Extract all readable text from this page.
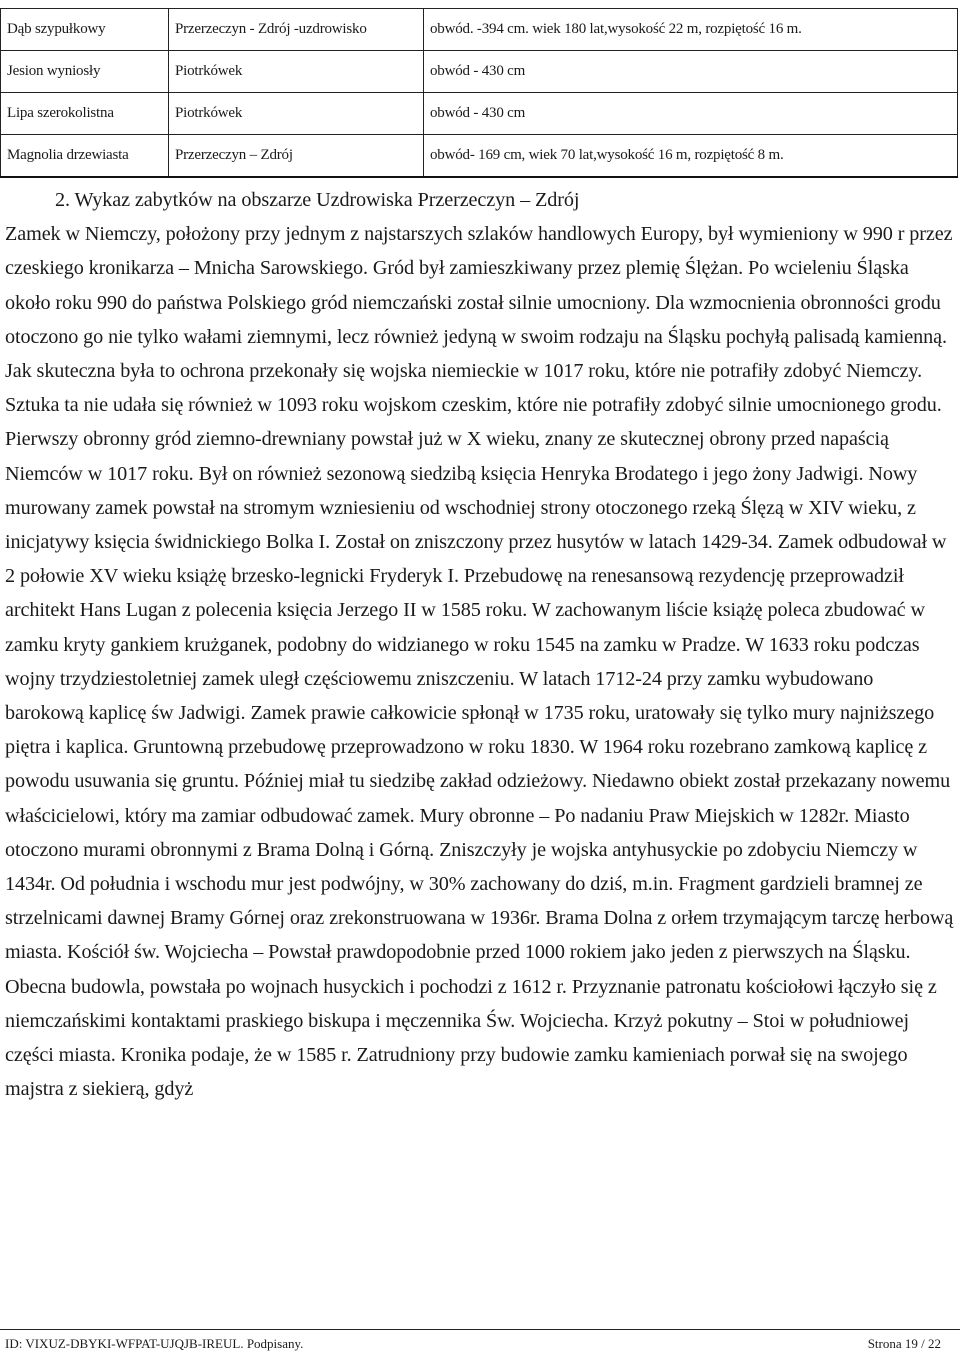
Dąb szypułkowy	Przerzeczyn - Zdrój -uzdrowisko	obwód. -394 cm. wiek 180 lat,wysokość 22 m, rozpiętość 16 m.
Jesion wyniosły	Piotrkówek	obwód - 430 cm
Lipa szerokolistna	Piotrkówek	obwód - 430 cm
Magnolia drzewiasta	Przerzeczyn – Zdrój	obwód- 169 cm, wiek 70 lat,wysokość 16 m, rozpiętość 8 m.

2. Wykaz zabytków na obszarze Uzdrowiska Przerzeczyn – Zdrój

Zamek w Niemczy, położony przy jednym z najstarszych szlaków handlowych Europy, był wymieniony w 990 r przez czeskiego kronikarza – Mnicha Sarowskiego. Gród był zamieszkiwany przez plemię Ślężan. Po wcieleniu Śląska około roku 990 do państwa Polskiego gród niemczański został silnie umocniony. Dla wzmocnienia obronności grodu otoczono go nie tylko wałami ziemnymi, lecz również jedyną w swoim rodzaju na Śląsku pochyłą palisadą kamienną. Jak skuteczna była to ochrona przekonały się wojska niemieckie w 1017 roku, które nie potrafiły zdobyć Niemczy. Sztuka ta nie udała się również w 1093 roku wojskom czeskim, które nie potrafiły zdobyć silnie umocnionego grodu. Pierwszy obronny gród ziemno-drewniany powstał już w X wieku, znany ze skutecznej obrony przed napaścią Niemców w 1017 roku. Był on również sezonową siedzibą księcia Henryka Brodatego i jego żony Jadwigi. Nowy murowany zamek powstał na stromym wzniesieniu od wschodniej strony otoczonego rzeką Ślęzą w XIV wieku, z inicjatywy księcia świdnickiego Bolka I. Został on zniszczony przez husytów w latach 1429-34. Zamek odbudował w 2 połowie XV wieku książę brzesko-legnicki Fryderyk I. Przebudowę na renesansową rezydencję przeprowadził architekt Hans Lugan z polecenia księcia Jerzego II w 1585 roku. W zachowanym liście książę poleca zbudować w zamku kryty gankiem krużganek, podobny do widzianego w roku 1545 na zamku w Pradze. W 1633 roku podczas wojny trzydziestoletniej zamek uległ częściowemu zniszczeniu. W latach 1712-24 przy zamku wybudowano barokową kaplicę św Jadwigi. Zamek prawie całkowicie spłonął w 1735 roku, uratowały się tylko mury najniższego piętra i kaplica. Gruntowną przebudowę przeprowadzono w roku 1830. W 1964 roku rozebrano zamkową kaplicę z powodu usuwania się gruntu. Później miał tu siedzibę zakład odzieżowy. Niedawno obiekt został przekazany nowemu właścicielowi, który ma zamiar odbudować zamek. Mury obronne – Po nadaniu Praw Miejskich w 1282r. Miasto otoczono murami obronnymi z Brama Dolną i Górną. Zniszczyły je wojska antyhusyckie po zdobyciu Niemczy w 1434r. Od południa i wschodu mur jest podwójny, w 30% zachowany do dziś, m.in. Fragment gardzieli bramnej ze strzelnicami dawnej Bramy Górnej oraz zrekonstruowana w 1936r. Brama Dolna z orłem trzymającym tarczę herbową miasta. Kościół św. Wojciecha – Powstał prawdopodobnie przed 1000 rokiem jako jeden z pierwszych na Śląsku. Obecna budowla, powstała po wojnach husyckich i pochodzi z 1612 r. Przyznanie patronatu kościołowi łączyło się z niemczańskimi kontaktami praskiego biskupa i męczennika Św. Wojciecha. Krzyż pokutny – Stoi w południowej części miasta. Kronika podaje, że w 1585 r. Zatrudniony przy budowie zamku kamieniach porwał się na swojego majstra z siekierą, gdyż

ID: VIXUZ-DBYKI-WFPAT-UJQJB-IREUL. Podpisany.	Strona 19 / 22
